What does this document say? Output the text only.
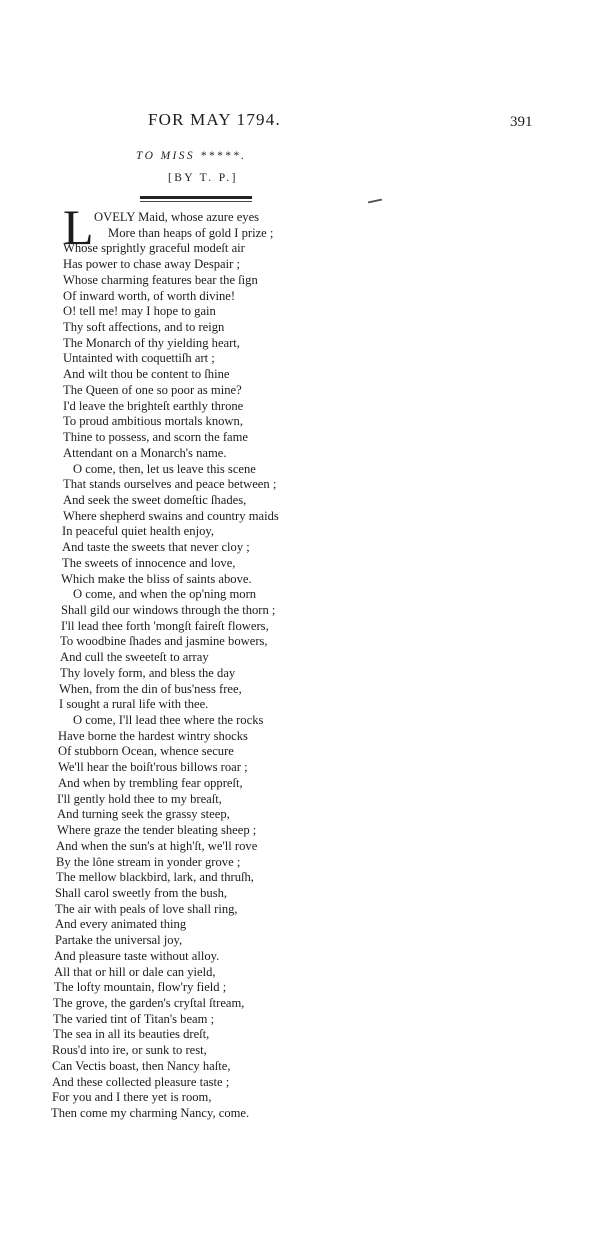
FOR MAY 1794.	391
TO MISS *****.
[BY T. P.]
L OVELY Maid, whose azure eyes
More than heaps of gold I prize ;
Whose sprightly graceful modeſt air
Has power to chase away Despair ;
Whose charming features bear the ſign
Of inward worth, of worth divine!
O! tell me! may I hope to gain
Thy soft affections, and to reign
The Monarch of thy yielding heart,
Untainted with coquettiſh art ;
And wilt thou be content to ſhine
The Queen of one so poor as mine?
I'd leave the brighteſt earthly throne
To proud ambitious mortals known,
Thine to possess, and scorn the fame
Attendant on a Monarch's name.
O come, then, let us leave this scene
That stands ourselves and peace between ;
And seek the sweet domeſtic ſhades,
Where shepherd swains and country maids
In peaceful quiet health enjoy,
And taste the sweets that never cloy ;
The sweets of innocence and love,
Which make the bliss of saints above.
O come, and when the op'ning morn
Shall gild our windows through the thorn ;
I'll lead thee forth 'mongſt faireſt flowers,
To woodbine ſhades and jasmine bowers,
And cull the sweeteſt to array
Thy lovely form, and bless the day
When, from the din of bus'ness free,
I sought a rural life with thee.
O come, I'll lead thee where the rocks
Have borne the hardest wintry shocks
Of stubborn Ocean, whence secure
We'll hear the boiſt'rous billows roar ;
And when by trembling fear oppreſt,
I'll gently hold thee to my breaſt,
And turning seek the grassy steep,
Where graze the tender bleating sheep ;
And when the sun's at high'ſt, we'll rove
By the lône stream in yonder grove ;
The mellow blackbird, lark, and thruſh,
Shall carol sweetly from the bush,
The air with peals of love shall ring,
And every animated thing
Partake the universal joy,
And pleasure taste without alloy.
All that or hill or dale can yield,
The lofty mountain, flow'ry field ;
The grove, the garden's cryſtal ſtream,
The varied tint of Titan's beam ;
The sea in all its beauties dreſt,
Rous'd into ire, or sunk to rest,
Can Vectis boast, then Nancy haſte,
And these collected pleasure taste ;
For you and I there yet is room,
Then come my charming Nancy, come.
